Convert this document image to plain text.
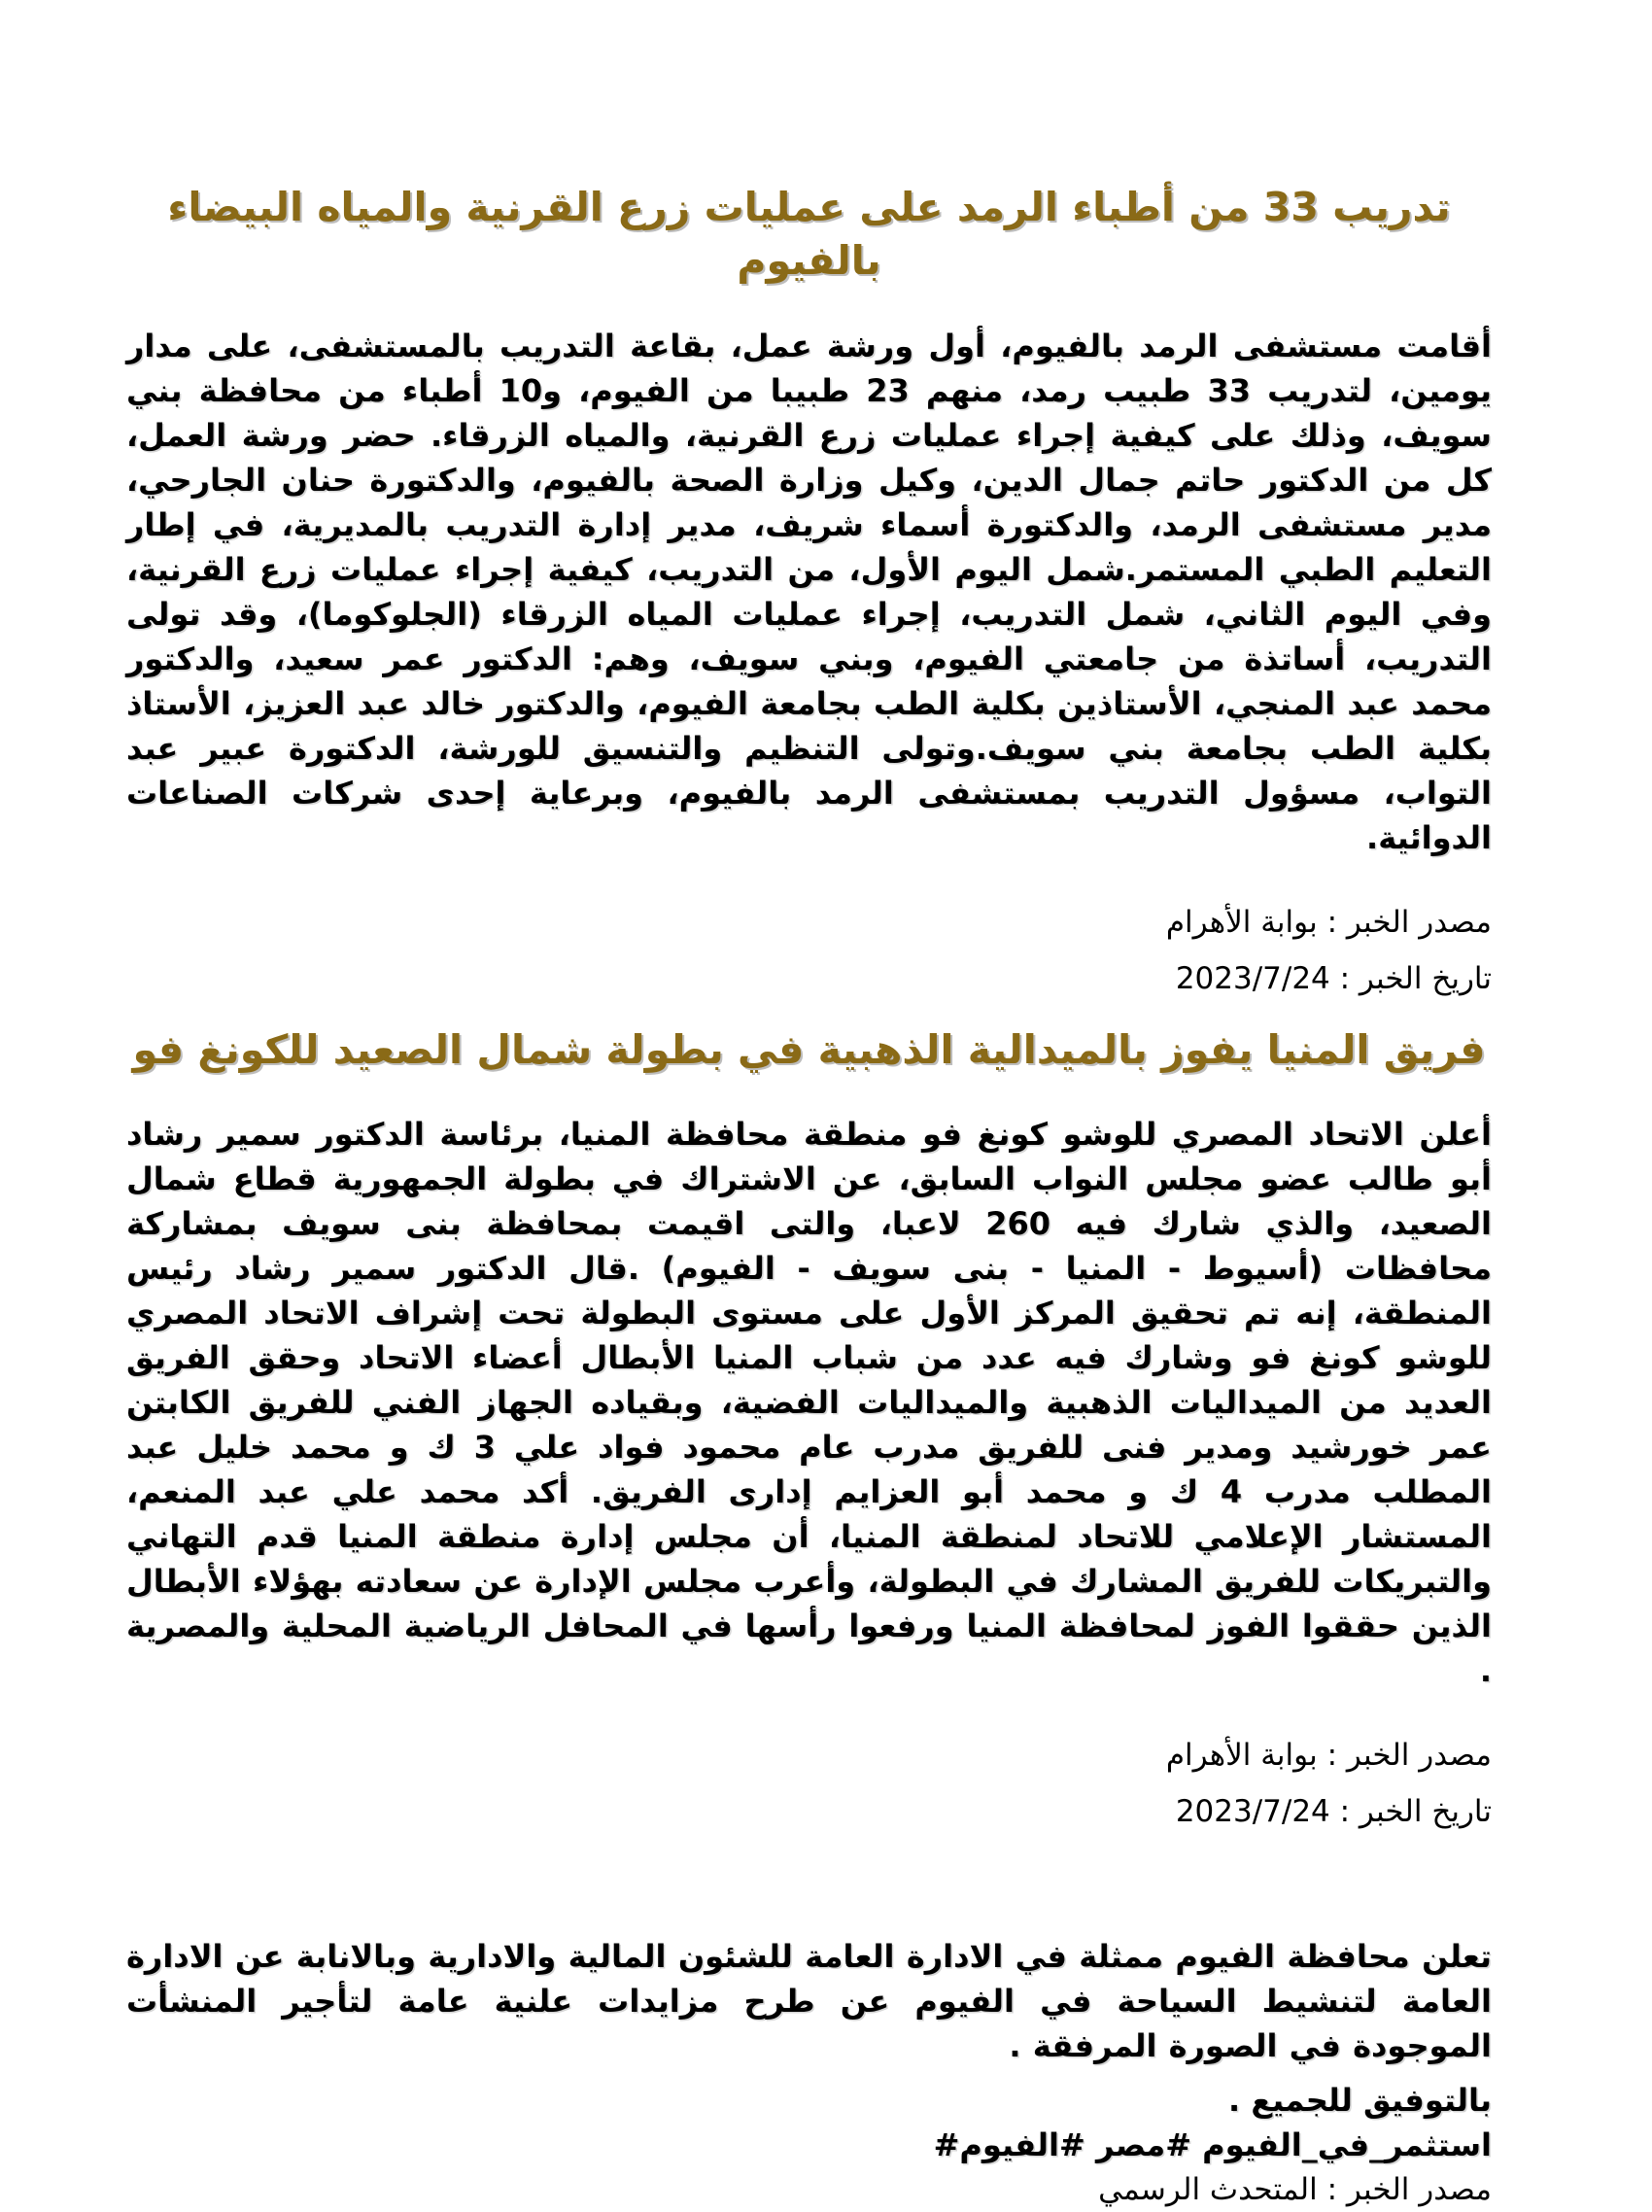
تدريب 33 من أطباء الرمد على عمليات زرع القرنية والمياه البيضاء بالفيوم

أقامت مستشفى الرمد بالفيوم، أول ورشة عمل، بقاعة التدريب بالمستشفى، على مدار يومين، لتدريب 33 طبيب رمد، منهم 23 طبيبا من الفيوم، و10 أطباء من محافظة بني سويف، وذلك على كيفية إجراء عمليات زرع القرنية، والمياه الزرقاء. حضر ورشة العمل، كل من الدكتور حاتم جمال الدين، وكيل وزارة الصحة بالفيوم، والدكتورة حنان الجارحي، مدير مستشفى الرمد، والدكتورة أسماء شريف، مدير إدارة التدريب بالمديرية، في إطار التعليم الطبي المستمر.شمل اليوم الأول، من التدريب، كيفية إجراء عمليات زرع القرنية، وفي اليوم الثاني، شمل التدريب، إجراء عمليات المياه الزرقاء (الجلوكوما)، وقد تولى التدريب، أساتذة من جامعتي الفيوم، وبني سويف، وهم: الدكتور عمر سعيد، والدكتور محمد عبد المنجي، الأستاذين بكلية الطب بجامعة الفيوم، والدكتور خالد عبد العزيز، الأستاذ بكلية الطب بجامعة بني سويف.وتولى التنظيم والتنسيق للورشة، الدكتورة عبير عبد التواب، مسؤول التدريب بمستشفى الرمد بالفيوم، وبرعاية إحدى شركات الصناعات الدوائية.

مصدر الخبر : بوابة الأهرام
تاريخ الخبر : 2023/7/24
فريق المنيا يفوز بالميدالية الذهبية في بطولة شمال الصعيد للكونغ فو

أعلن الاتحاد المصري للوشو كونغ فو منطقة محافظة المنيا، برئاسة الدكتور سمير رشاد أبو طالب عضو مجلس النواب السابق، عن الاشتراك في بطولة الجمهورية قطاع شمال الصعيد، والذي شارك فيه 260 لاعبا، والتى اقيمت بمحافظة بنى سويف بمشاركة محافظات (أسيوط - المنيا - بنى سويف - الفيوم) .قال الدكتور سمير رشاد رئيس المنطقة، إنه تم تحقيق المركز الأول على مستوى البطولة تحت إشراف الاتحاد المصري للوشو كونغ فو وشارك فيه عدد من شباب المنيا الأبطال أعضاء الاتحاد وحقق الفريق العديد من الميداليات الذهبية والميداليات الفضية، وبقياده الجهاز الفني للفريق الكابتن عمر خورشيد ومدير فنى للفريق مدرب عام محمود فواد علي 3 ك و محمد خليل عبد المطلب مدرب 4 ك و محمد أبو العزايم إدارى الفريق. أكد محمد علي عبد المنعم، المستشار الإعلامي للاتحاد لمنطقة المنيا، أن مجلس إدارة منطقة المنيا قدم التهاني والتبريكات للفريق المشارك في البطولة، وأعرب مجلس الإدارة عن سعادته بهؤلاء الأبطال الذين حققوا الفوز لمحافظة المنيا ورفعوا رأسها في المحافل الرياضية المحلية والمصرية .

مصدر الخبر : بوابة الأهرام
تاريخ الخبر : 2023/7/24

تعلن محافظة الفيوم ممثلة في الادارة العامة للشئون المالية والادارية وبالانابة عن الادارة العامة لتنشيط السياحة في الفيوم عن طرح مزايدات علنية عامة لتأجير المنشأت الموجودة في الصورة المرفقة .

بالتوفيق للجميع .
#الفيوم# مصر# استثمر_في_الفيوم
مصدر الخبر : المتحدث الرسمي
